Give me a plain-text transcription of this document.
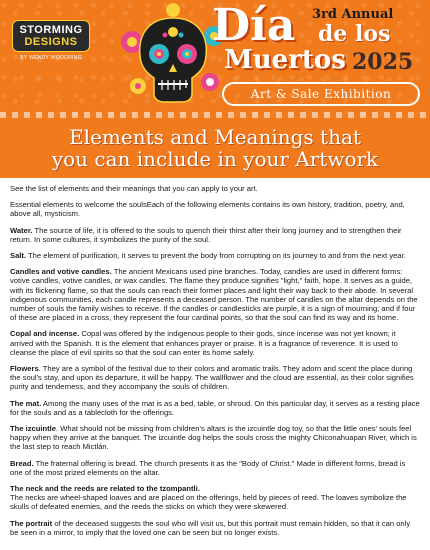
STORMING
DESIGNS
BY WENDY WOODRING
Día 3rd Annual
de los
Muertos 2025
Art & Sale Exhibition
Elements and Meanings that
you can include in your Artwork

See the list of elements and their meanings that you can apply to your art.

Essential elements to welcome the soulsEach of the following elements contains its own history, tradition, poetry, and, above all, mysticism.

Water. The source of life, it is offered to the souls to quench their thirst after their long journey and to strengthen their return. In some cultures, it symbolizes the purity of the soul.

Salt. The element of purification, it serves to prevent the body from corrupting on its journey to and from the next year.

Candles and votive candles. The ancient Mexicans used pine branches. Today, candles are used in different forms: votive candles, votive candles, or wax candles. The flame they produce signifies "light," faith, hope. It serves as a guide, with its flickering flame, so that the souls can reach their former places and light their way back to their abode. In several indigenous communities, each candle represents a deceased person. The number of candles on the altar depends on the number of souls the family wishes to receive. If the candles or candlesticks are purple, it is a sign of mourning; and if four of these are placed in a cross, they represent the four cardinal points, so that the soul can find its way and its home.

Copal and incense. Copal was offered by the indigenous people to their gods, since incense was not yet known; it arrived with the Spanish. It is the element that enhances prayer or praise. It is a fragrance of reverence. It is used to cleanse the place of evil spirits so that the soul can enter its home safely.

Flowers. They are a symbol of the festival due to their colors and aromatic trails. They adorn and scent the place during the soul's stay, and upon its departure, it will be happy. The wallflower and the cloud are essential, as their color signifies purity and tenderness, and they accompany the souls of children.

The mat. Among the many uses of the mat is as a bed, table, or shroud. On this particular day, it serves as a resting place for the souls and as a tablecloth for the offerings.

The izcuintle. What should not be missing from children's altars is the izcuintle dog toy, so that the little ones' souls feel happy when they arrive at the banquet. The izcuintle dog helps the souls cross the mighty Chiconahuapan River, which is the last step to reach Mictlán.

Bread. The fraternal offering is bread. The church presents it as the "Body of Christ." Made in different forms, bread is one of the most prized elements on the altar.

The neck and the reeds are related to the tzompantli.
The necks are wheel-shaped loaves and are placed on the offerings, held by pieces of reed. The loaves symbolize the skulls of defeated enemies, and the reeds the sticks on which they were skewered.

The portrait of the deceased suggests the soul who will visit us, but this portrait must remain hidden, so that it can only be seen in a mirror, to imply that the loved one can be seen but no longer exists.
